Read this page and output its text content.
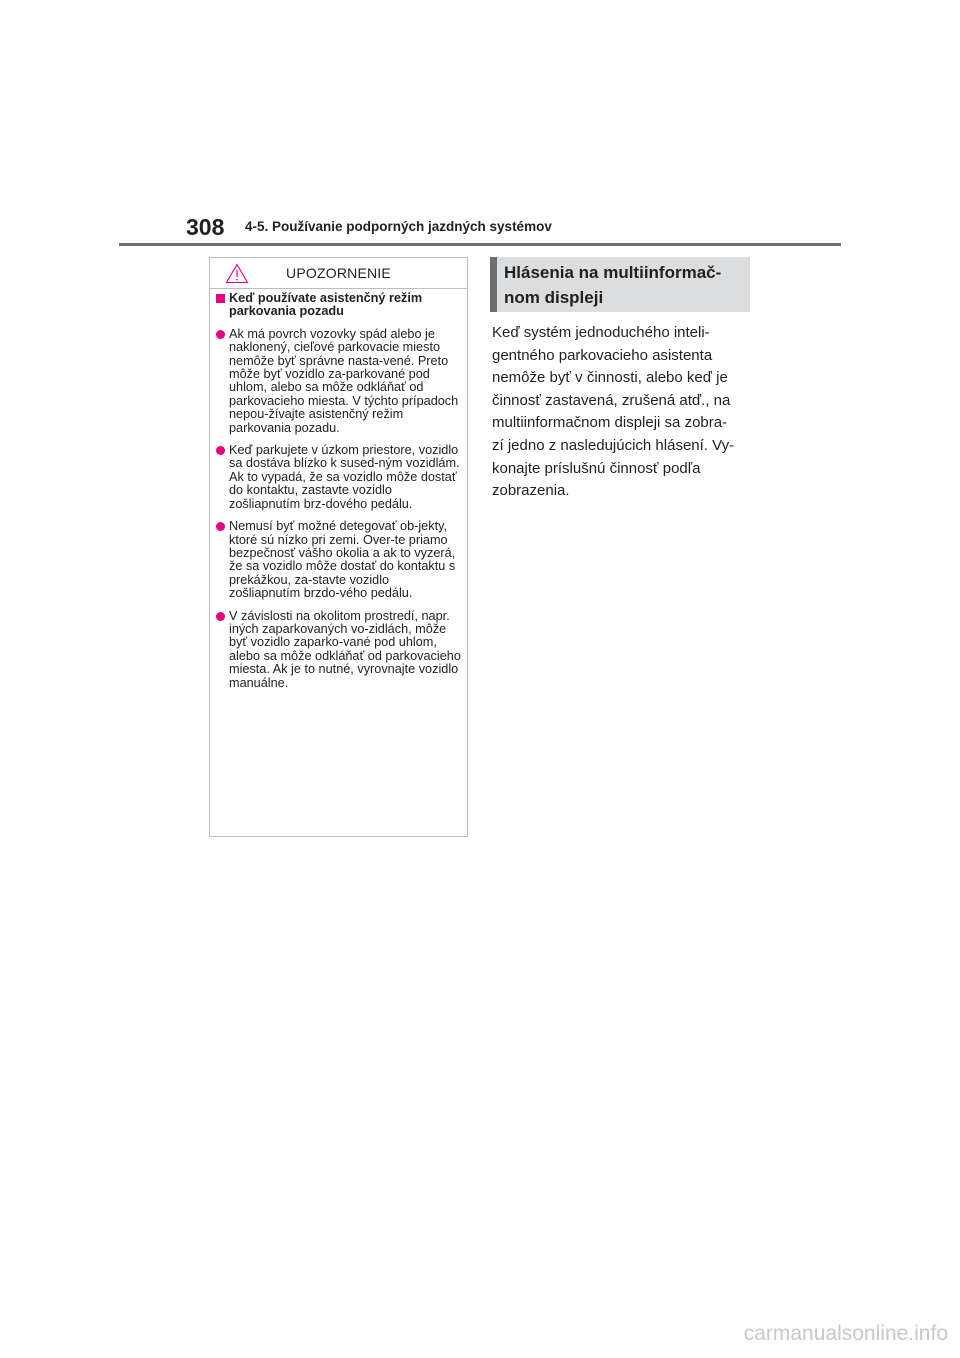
308 4-5. Používanie podporných jazdných systémov
UPOZORNENIE
Keď používate asistenčný režim parkovania pozadu
Ak má povrch vozovky spád alebo je naklonený, cieľové parkovacie miesto nemôže byť správne nasta-vené. Preto môže byť vozidlo za-parkované pod uhlom, alebo sa môže odkláňať od parkovacieho miesta. V týchto prípadoch nepou-žívajte asistenčný režim parkovania pozadu.
Keď parkujete v úzkom priestore, vozidlo sa dostáva blízko k sused-ným vozidlám. Ak to vypadá, že sa vozidlo môže dostať do kontaktu, zastavte vozidlo zošliapnutím brz-dového pedálu.
Nemusí byť možné detegovať ob-jekty, ktoré sú nízko pri zemi. Over-te priamo bezpečnosť vášho okolia a ak to vyzerá, že sa vozidlo môže dostať do kontaktu s prekážkou, za-stavte vozidlo zošliapnutím brzdo-vého pedálu.
V závislosti na okolitom prostredí, napr. iných zaparkovaných vo-zidlách, môže byť vozidlo zaparko-vané pod uhlom, alebo sa môže odkláňať od parkovacieho miesta. Ak je to nutné, vyrovnajte vozidlo manuálne.
Hlásenia na multiinformač-
nom displeji
Keď systém jednoduchého inteli-
gentného parkovacieho asistenta
nemôže byť v činnosti, alebo keď je
činnosť zastavená, zrušená atď., na
multiinformačnom displeji sa zobra-
zí jedno z nasledujúcich hlásení. Vy-
konajte príslušnú činnosť podľa
zobrazenia.
carmanualsonline.info
